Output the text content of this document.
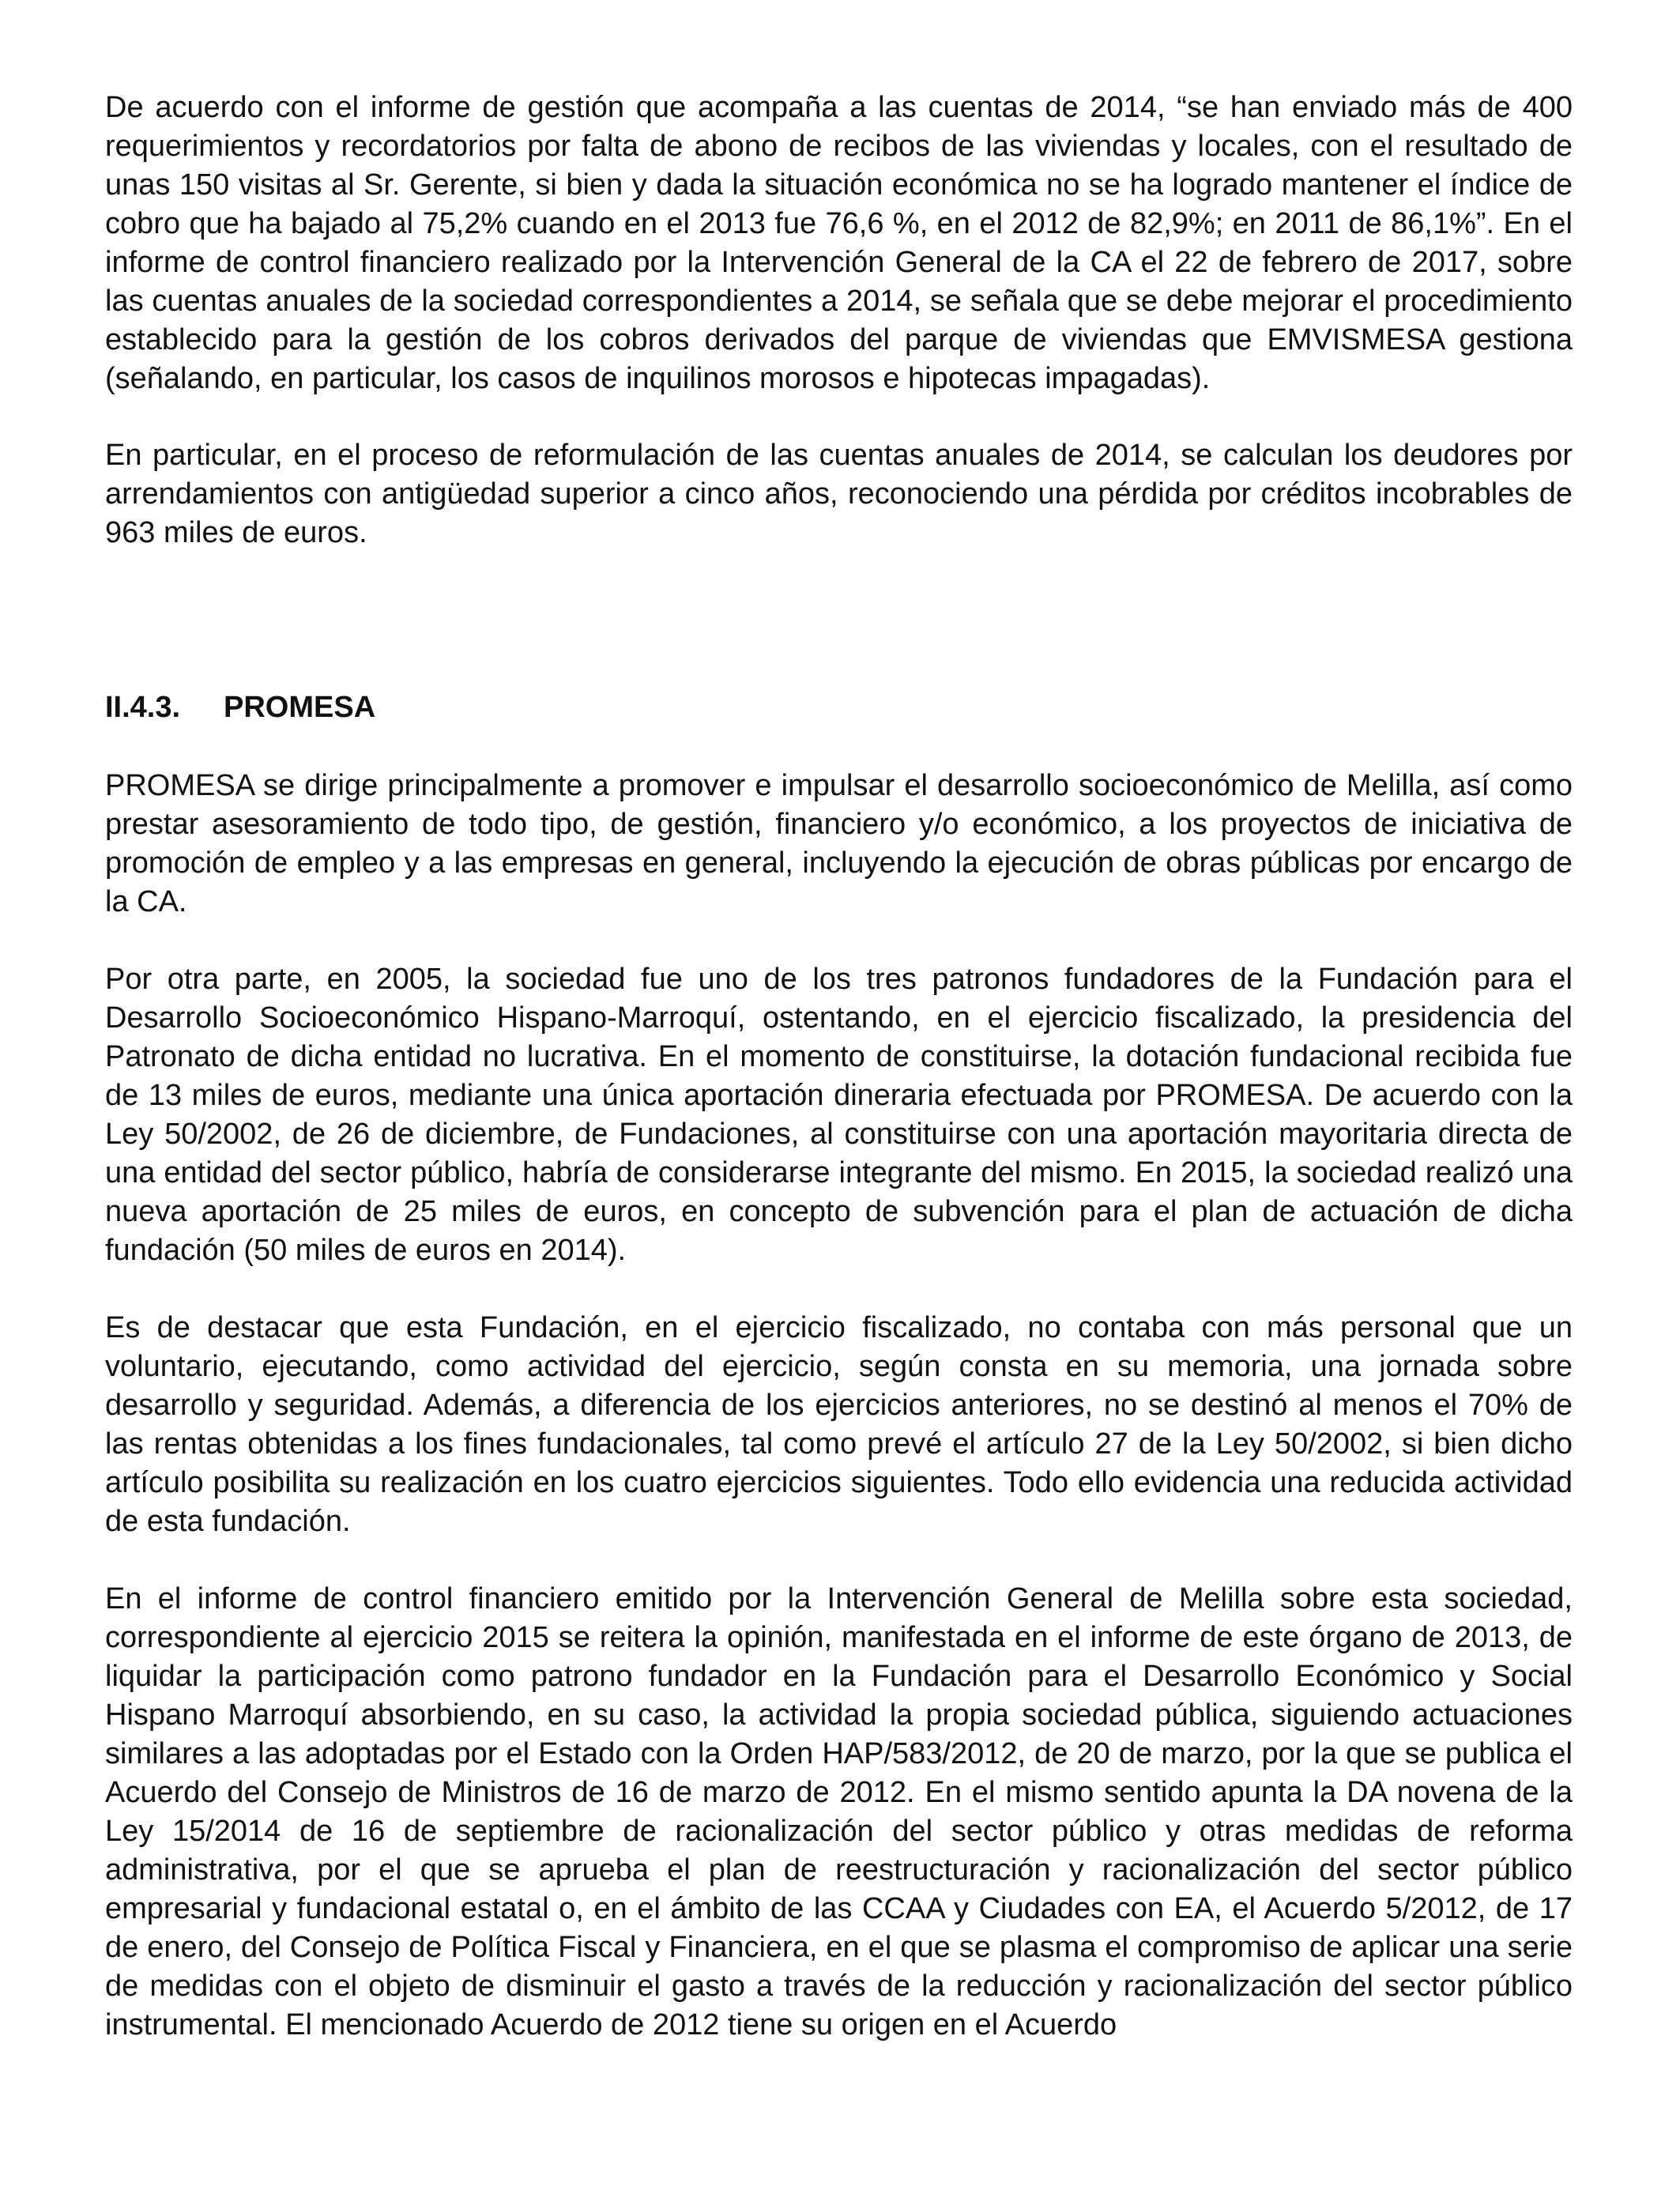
De acuerdo con el informe de gestión que acompaña a las cuentas de 2014, “se han enviado más de 400 requerimientos y recordatorios por falta de abono de recibos de las viviendas y locales, con el resultado de unas 150 visitas al Sr. Gerente, si bien y dada la situación económica no se ha logrado mantener el índice de cobro que ha bajado al 75,2% cuando en el 2013 fue 76,6 %, en el 2012 de 82,9%; en 2011 de 86,1%”. En el informe de control financiero realizado por la Intervención General de la CA el 22 de febrero de 2017, sobre las cuentas anuales de la sociedad correspondientes a 2014, se señala que se debe mejorar el procedimiento establecido para la gestión de los cobros derivados del parque de viviendas que EMVISMESA gestiona (señalando, en particular, los casos de inquilinos morosos e hipotecas impagadas).

En particular, en el proceso de reformulación de las cuentas anuales de 2014, se calculan los deudores por arrendamientos con antigüedad superior a cinco años, reconociendo una pérdida por créditos incobrables de 963 miles de euros.

II.4.3. PROMESA

PROMESA se dirige principalmente a promover e impulsar el desarrollo socioeconómico de Melilla, así como prestar asesoramiento de todo tipo, de gestión, financiero y/o económico, a los proyectos de iniciativa de promoción de empleo y a las empresas en general, incluyendo la ejecución de obras públicas por encargo de la CA.

Por otra parte, en 2005, la sociedad fue uno de los tres patronos fundadores de la Fundación para el Desarrollo Socioeconómico Hispano-Marroquí, ostentando, en el ejercicio fiscalizado, la presidencia del Patronato de dicha entidad no lucrativa. En el momento de constituirse, la dotación fundacional recibida fue de 13 miles de euros, mediante una única aportación dineraria efectuada por PROMESA. De acuerdo con la Ley 50/2002, de 26 de diciembre, de Fundaciones, al constituirse con una aportación mayoritaria directa de una entidad del sector público, habría de considerarse integrante del mismo. En 2015, la sociedad realizó una nueva aportación de 25 miles de euros, en concepto de subvención para el plan de actuación de dicha fundación (50 miles de euros en 2014).

Es de destacar que esta Fundación, en el ejercicio fiscalizado, no contaba con más personal que un voluntario, ejecutando, como actividad del ejercicio, según consta en su memoria, una jornada sobre desarrollo y seguridad. Además, a diferencia de los ejercicios anteriores, no se destinó al menos el 70% de las rentas obtenidas a los fines fundacionales, tal como prevé el artículo 27 de la Ley 50/2002, si bien dicho artículo posibilita su realización en los cuatro ejercicios siguientes. Todo ello evidencia una reducida actividad de esta fundación.

En el informe de control financiero emitido por la Intervención General de Melilla sobre esta sociedad, correspondiente al ejercicio 2015 se reitera la opinión, manifestada en el informe de este órgano de 2013, de liquidar la participación como patrono fundador en la Fundación para el Desarrollo Económico y Social Hispano Marroquí absorbiendo, en su caso, la actividad la propia sociedad pública, siguiendo actuaciones similares a las adoptadas por el Estado con la Orden HAP/583/2012, de 20 de marzo, por la que se publica el Acuerdo del Consejo de Ministros de 16 de marzo de 2012. En el mismo sentido apunta la DA novena de la Ley 15/2014 de 16 de septiembre de racionalización del sector público y otras medidas de reforma administrativa, por el que se aprueba el plan de reestructuración y racionalización del sector público empresarial y fundacional estatal o, en el ámbito de las CCAA y Ciudades con EA, el Acuerdo 5/2012, de 17 de enero, del Consejo de Política Fiscal y Financiera, en el que se plasma el compromiso de aplicar una serie de medidas con el objeto de disminuir el gasto a través de la reducción y racionalización del sector público instrumental. El mencionado Acuerdo de 2012 tiene su origen en el Acuerdo
